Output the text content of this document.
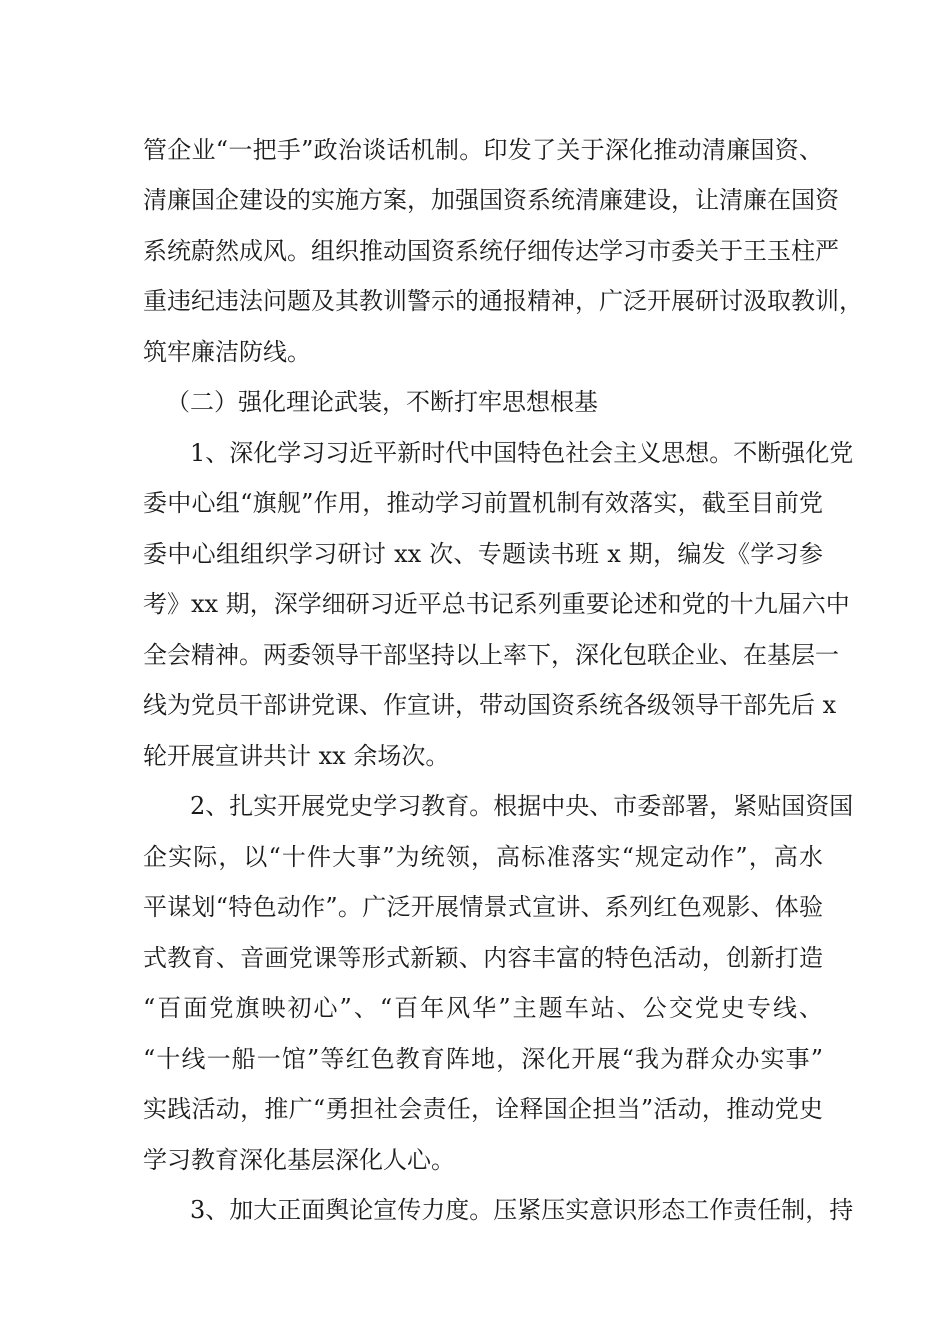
管企业“一把手”政治谈话机制。印发了关于深化推动清廉国资、
清廉国企建设的实施方案，加强国资系统清廉建设，让清廉在国资
系统蔚然成风。组织推动国资系统仔细传达学习市委关于王玉柱严
重违纪违法问题及其教训警示的通报精神，广泛开展研讨汲取教训，
筑牢廉洁防线。
（二）强化理论武装，不断打牢思想根基
1、深化学习习近平新时代中国特色社会主义思想。不断强化党
委中心组“旗舰”作用，推动学习前置机制有效落实，截至目前党
委中心组组织学习研讨 xx 次、专题读书班 x 期，编发《学习参
考》xx 期，深学细研习近平总书记系列重要论述和党的十九届六中
全会精神。两委领导干部坚持以上率下，深化包联企业、在基层一
线为党员干部讲党课、作宣讲，带动国资系统各级领导干部先后 x
轮开展宣讲共计 xx 余场次。
2、扎实开展党史学习教育。根据中央、市委部署，紧贴国资国
企实际，以“十件大事”为统领，高标准落实“规定动作”，高水
平谋划“特色动作”。广泛开展情景式宣讲、系列红色观影、体验
式教育、音画党课等形式新颖、内容丰富的特色活动，创新打造
“百面党旗映初心”、“百年风华”主题车站、公交党史专线、
“十线一船一馆”等红色教育阵地，深化开展“我为群众办实事”
实践活动，推广“勇担社会责任，诠释国企担当”活动，推动党史
学习教育深化基层深化人心。
3、加大正面舆论宣传力度。压紧压实意识形态工作责任制，持
